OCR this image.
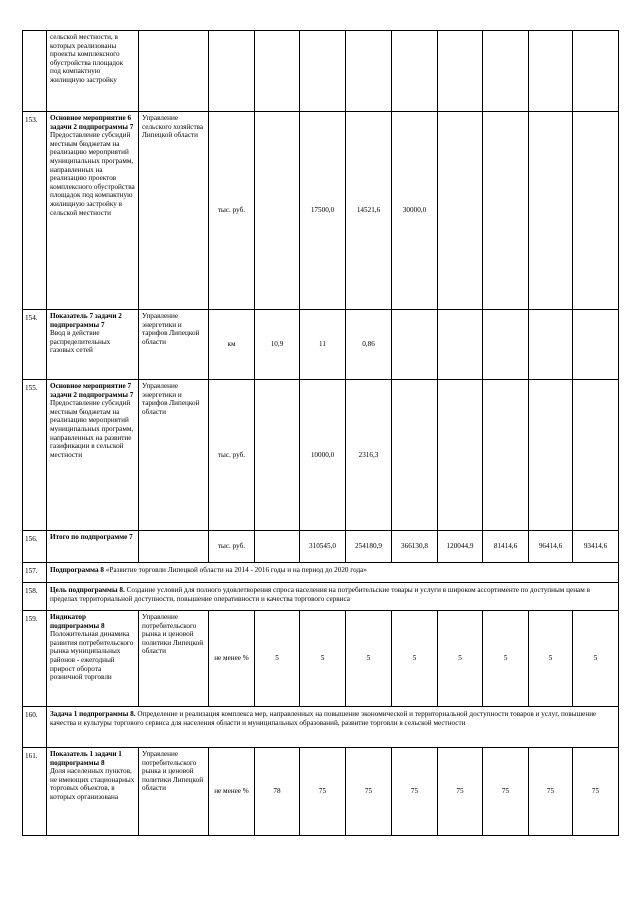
	сельской местности, в которых реализованы проекты комплексного обустройства площадок под компактную жилищную застройку										
153.	Основное мероприятие 6 задачи 2 подпрограммы 7
Предоставление субсидий местным бюджетам на реализацию мероприятий муниципальных программ, направленных на реализацию проектов комплексного обустройства площадок под компактную жилищную застройку в сельской местности	Управление сельского хозяйства Липецкой области	тыс. руб.		17500,0	14521,6	30000,0				
154.	Показатель 7 задачи 2 подпрограммы 7
Ввод в действие распределительных газовых сетей	Управление энергетики и тарифов Липецкой области	км	10,9	11	0,86					
155.	Основное мероприятие 7 задачи 2 подпрограммы 7
Предоставление субсидий местным бюджетам на реализацию мероприятий муниципальных программ, направленных на развитие газификации в сельской местности	Управление энергетики и тарифов Липецкой области	тыс. руб.		10000,0	2316,3					
156.	Итого по подпрограмме 7		тыс. руб.		310545,0	254180,9	366130,8	120044,9	81414,6	96414,6	93414,6
157.	Подпрограмма 8 «Развитие торговли Липецкой области на 2014 - 2016 годы и на период до 2020 года»										
158.	Цель подпрограммы 8. Создание условий для полного удовлетворения спроса населения на потребительские товары и услуги в широком ассортименте по доступным ценам в пределах территориальной доступности, повышение оперативности и качества торгового сервиса										
159.	Индикатор подпрограммы 8
Положительная динамика развития потребительского рынка муниципальных районов - ежегодный прирост оборота розничной торговли	Управление потребительского рынка и ценовой политики Липецкой области	не менее %	5	5	5	5	5	5	5	5
160.	Задача 1 подпрограммы 8. Определение и реализация комплекса мер, направленных на повышение экономической и территориальной доступности товаров и услуг, повышение качества и культуры торгового сервиса для населения области и муниципальных образований, развитие торговли в сельской местности										
161.	Показатель 1 задачи 1 подпрограммы 8
Доля населенных пунктов, не имеющих стационарных торговых объектов, в которых организована	Управление потребительского рынка и ценовой политики Липецкой области	не менее %	78	75	75	75	75	75	75	75
